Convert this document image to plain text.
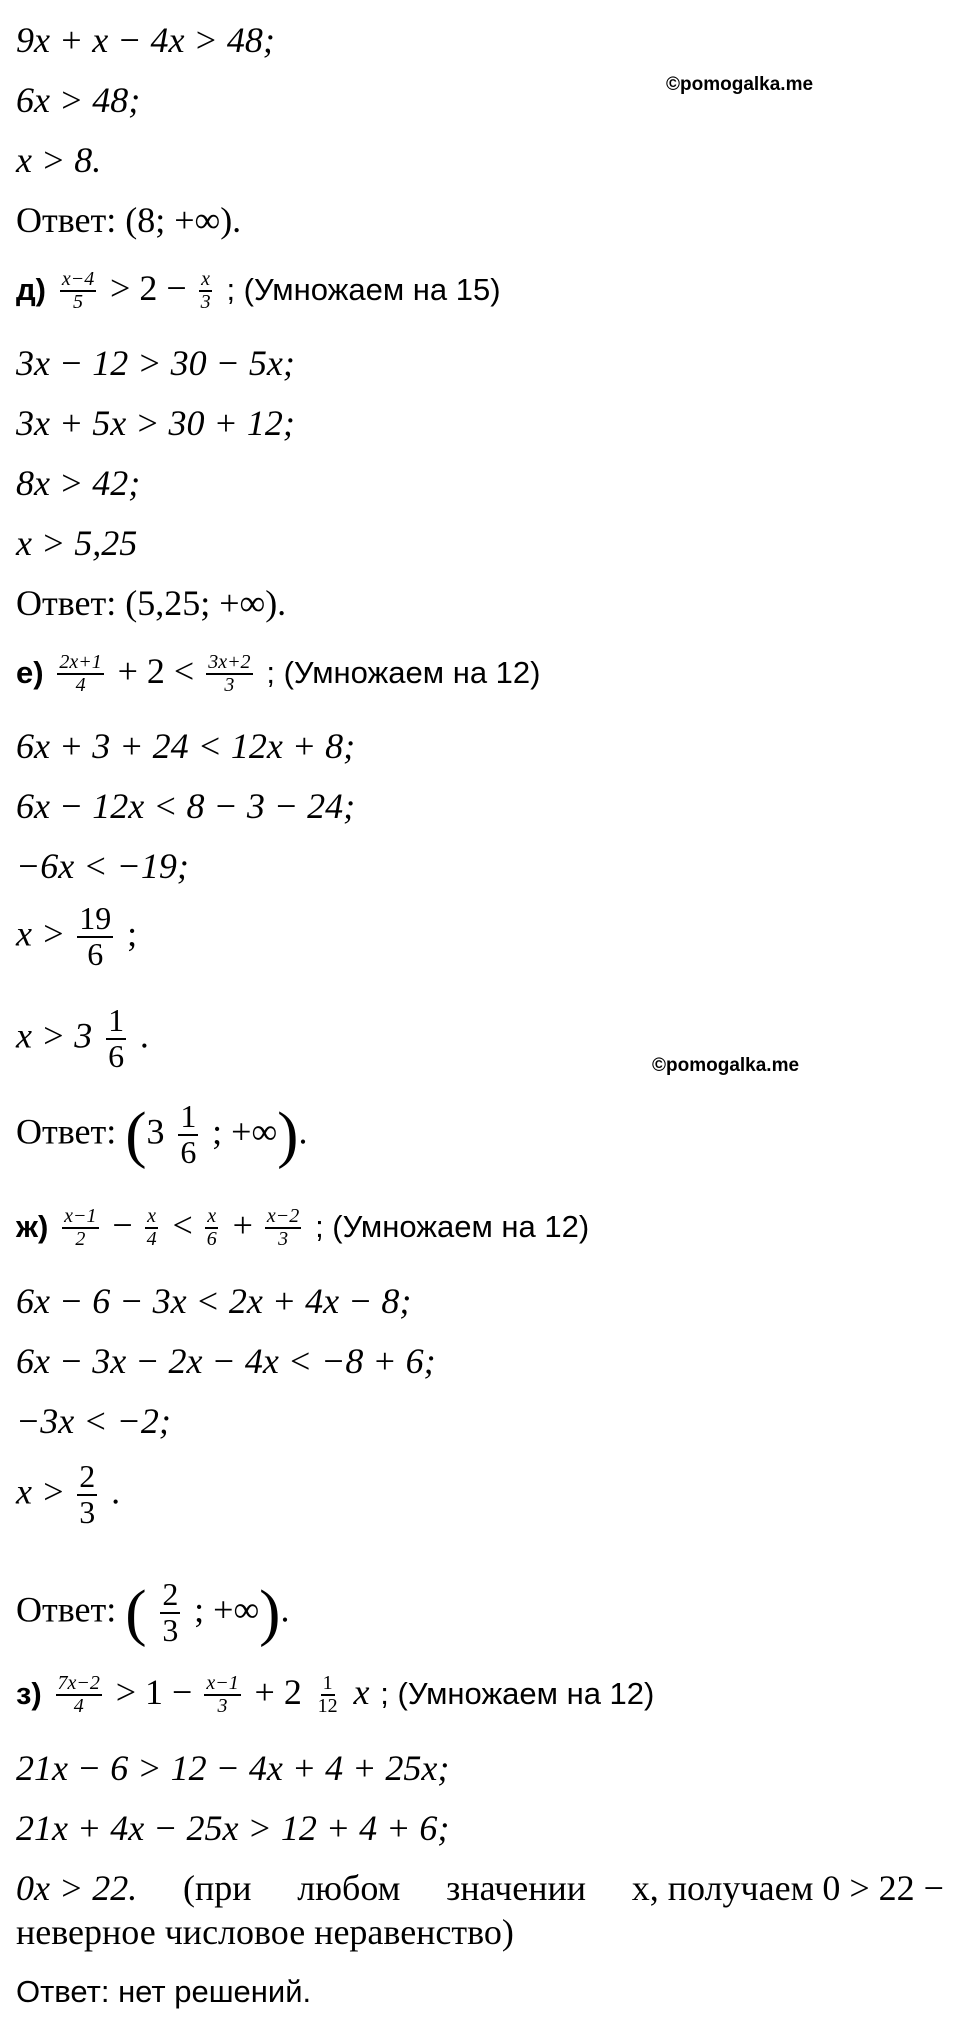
©pomogalka.me
©pomogalka.me
9x + x − 4x > 48;
6x > 48;
x > 8.
Ответ: (8; +∞).
$д) \frac{x-4}{5} > 2 - \frac{x}{3}$ ; (Умножаем на 15)
3x − 12 > 30 − 5x;
3x + 5x > 30 + 12;
8x > 42;
x > 5,25
Ответ: (5,25; +∞).
$е) \frac{2x+1}{4} + 2 < \frac{3x+2}{3}$ ; (Умножаем на 12)
6x + 3 + 24 < 12x + 8;
6x − 12x < 8 − 3 − 24;
−6x < −19;
$x > \frac{19}{6}$ ;
$x > 3 \frac{1}{6}$ .
Ответ: ($3 \frac{1}{6}$ ; +∞).
$ж) \frac{x-1}{2} - \frac{x}{4} < \frac{x}{6} + \frac{x-2}{3}$ ; (Умножаем на 12)
6x − 6 − 3x < 2x + 4x − 8;
6x − 3x − 2x − 4x < −8 + 6;
−3x < −2;
$x > \frac{2}{3}$ .
Ответ: ( $\frac{2}{3}$ ; +∞).
$з) \frac{7x-2}{4} > 1 - \frac{x-1}{3} + 2 \frac{1}{12}$ x ; (Умножаем на 12)
21x − 6 > 12 − 4x + 4 + 25x;
21x + 4x − 25x > 12 + 4 + 6;
0x > 22. (при любом значении x, получаем 0 > 22 −
неверное числовое неравенство)
Ответ: нет решений.
